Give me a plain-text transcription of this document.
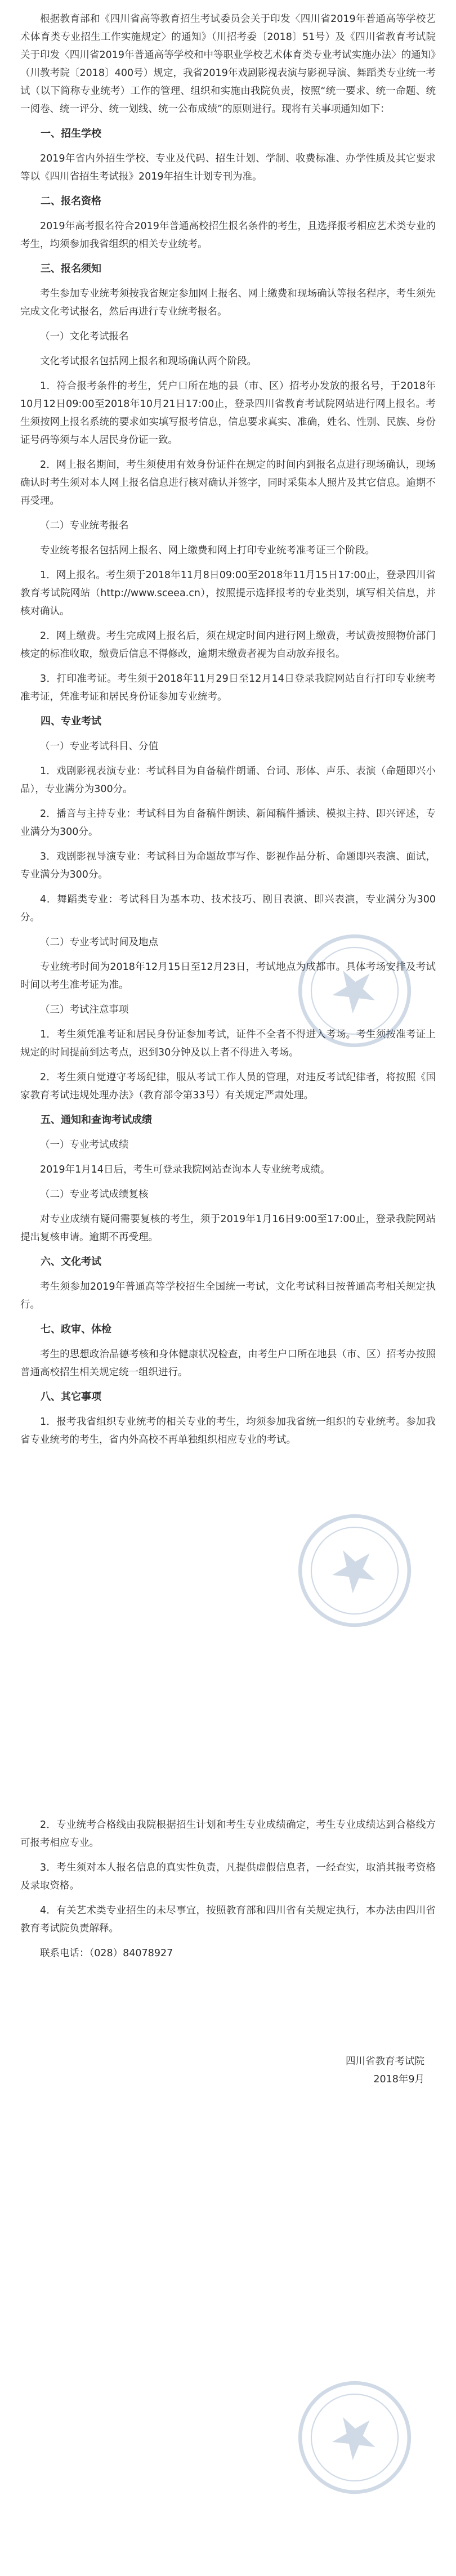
根据教育部和《四川省高等教育招生考试委员会关于印发〈四川省2019年普通高等学校艺术体育类专业招生工作实施规定〉的通知》（川招考委〔2018〕51号）及《四川省教育考试院关于印发〈四川省2019年普通高等学校和中等职业学校艺术体育类专业考试实施办法〉的通知》（川教考院〔2018〕400号）规定，我省2019年戏剧影视表演与影视导演、舞蹈类专业统一考试（以下简称专业统考）工作的管理、组织和实施由我院负责，按照“统一要求、统一命题、统一阅卷、统一评分、统一划线、统一公布成绩”的原则进行。现将有关事项通知如下：

一、招生学校

2019年省内外招生学校、专业及代码、招生计划、学制、收费标准、办学性质及其它要求等以《四川省招生考试报》2019年招生计划专刊为准。

二、报名资格

2019年高考报名符合2019年普通高校招生报名条件的考生，且选择报考相应艺术类专业的考生，均须参加我省组织的相关专业统考。

三、报名须知

考生参加专业统考须按我省规定参加网上报名、网上缴费和现场确认等报名程序，考生须先完成文化考试报名，然后再进行专业统考报名。

（一）文化考试报名

文化考试报名包括网上报名和现场确认两个阶段。

1．符合报考条件的考生，凭户口所在地的县（市、区）招考办发放的报名号，于2018年10月12日09:00至2018年10月21日17:00止，登录四川省教育考试院网站进行网上报名。考生须按网上报名系统的要求如实填写报考信息，信息要求真实、准确，姓名、性别、民族、身份证号码等须与本人居民身份证一致。

2．网上报名期间，考生须使用有效身份证件在规定的时间内到报名点进行现场确认，现场确认时考生须对本人网上报名信息进行核对确认并签字，同时采集本人照片及其它信息。逾期不再受理。

（二）专业统考报名

专业统考报名包括网上报名、网上缴费和网上打印专业统考准考证三个阶段。

1．网上报名。考生须于2018年11月8日09:00至2018年11月15日17:00止，登录四川省教育考试院网站（http://www.sceea.cn），按照提示选择报考的专业类别，填写相关信息，并核对确认。

2．网上缴费。考生完成网上报名后，须在规定时间内进行网上缴费，考试费按照物价部门核定的标准收取，缴费后信息不得修改，逾期未缴费者视为自动放弃报名。

3．打印准考证。考生须于2018年11月29日至12月14日登录我院网站自行打印专业统考准考证，凭准考证和居民身份证参加专业统考。

四、专业考试

（一）专业考试科目、分值

1．戏剧影视表演专业：考试科目为自备稿件朗诵、台词、形体、声乐、表演（命题即兴小品），专业满分为300分。

2．播音与主持专业：考试科目为自备稿件朗读、新闻稿件播读、模拟主持、即兴评述，专业满分为300分。

3．戏剧影视导演专业：考试科目为命题故事写作、影视作品分析、命题即兴表演、面试，专业满分为300分。

4．舞蹈类专业：考试科目为基本功、技术技巧、剧目表演、即兴表演，专业满分为300分。

（二）专业考试时间及地点

专业统考时间为2018年12月15日至12月23日，考试地点为成都市。具体考场安排及考试时间以考生准考证为准。

（三）考试注意事项

1．考生须凭准考证和居民身份证参加考试，证件不全者不得进入考场。考生须按准考证上规定的时间提前到达考点，迟到30分钟及以上者不得进入考场。

2．考生须自觉遵守考场纪律，服从考试工作人员的管理，对违反考试纪律者，将按照《国家教育考试违规处理办法》（教育部令第33号）有关规定严肃处理。

五、通知和查询考试成绩

（一）专业考试成绩

2019年1月14日后，考生可登录我院网站查询本人专业统考成绩。

（二）专业考试成绩复核

对专业成绩有疑问需要复核的考生，须于2019年1月16日9:00至17:00止，登录我院网站提出复核申请。逾期不再受理。

六、文化考试

考生须参加2019年普通高等学校招生全国统一考试，文化考试科目按普通高考相关规定执行。

七、政审、体检

考生的思想政治品德考核和身体健康状况检查，由考生户口所在地县（市、区）招考办按照普通高校招生相关规定统一组织进行。

八、其它事项

1．报考我省组织专业统考的相关专业的考生，均须参加我省统一组织的专业统考。参加我省专业统考的考生，省内外高校不再单独组织相应专业的考试。

2．专业统考合格线由我院根据招生计划和考生专业成绩确定，考生专业成绩达到合格线方可报考相应专业。

3．考生须对本人报名信息的真实性负责，凡提供虚假信息者，一经查实，取消其报考资格及录取资格。

4．有关艺术类专业招生的未尽事宜，按照教育部和四川省有关规定执行，本办法由四川省教育考试院负责解释。

联系电话：（028）84078927

四川省教育考试院
2018年9月
